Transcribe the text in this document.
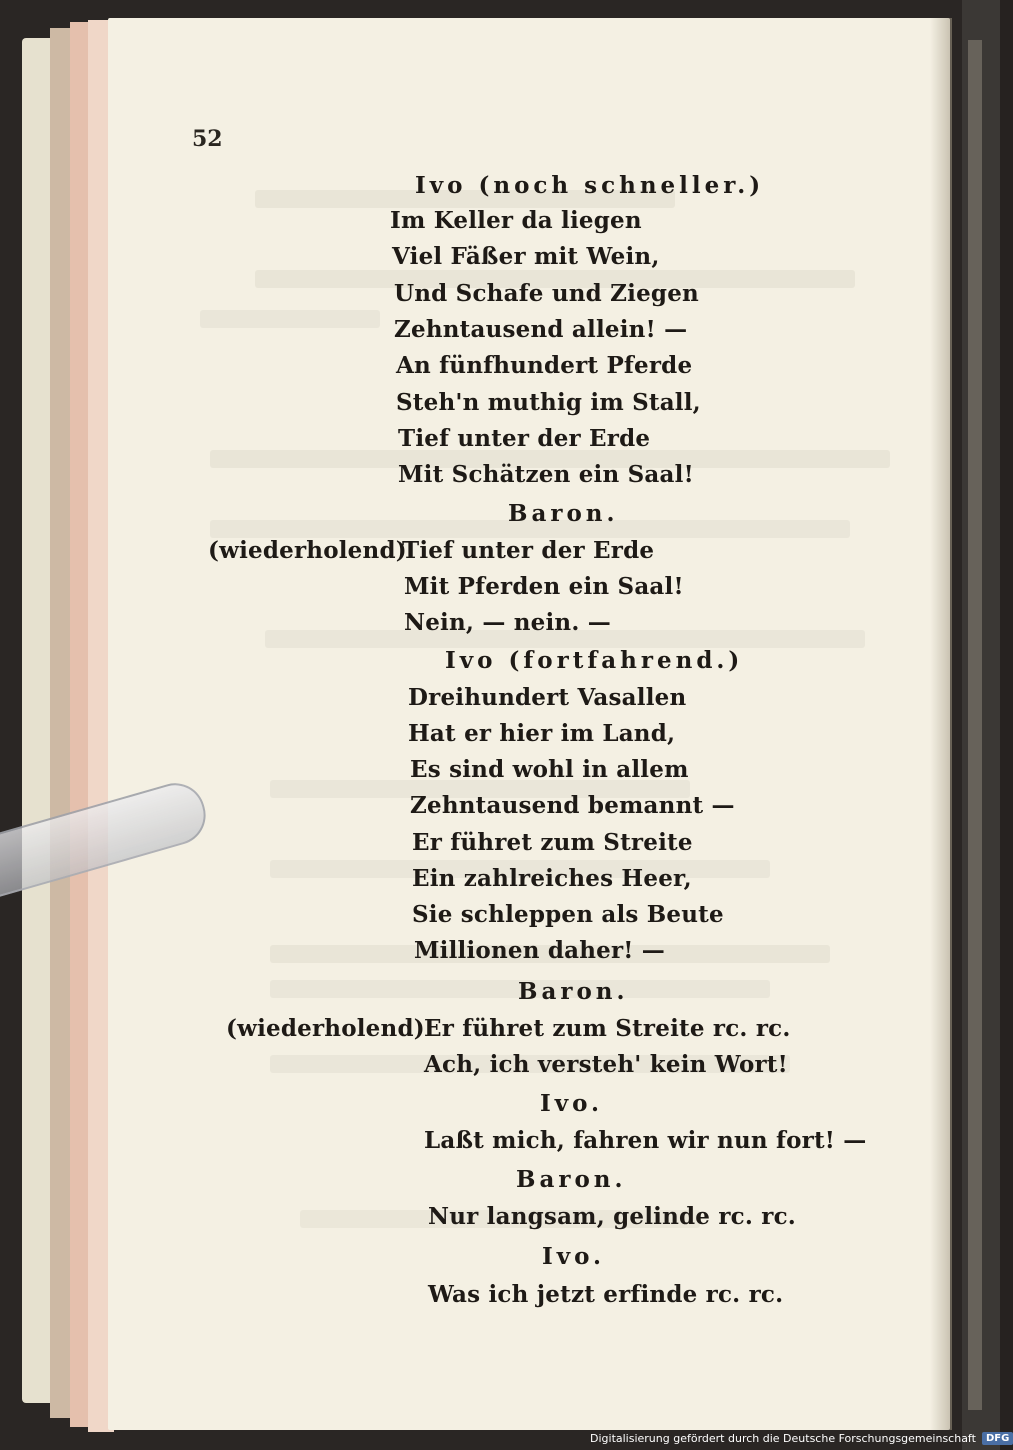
52
Ivo (noch schneller.)
Im Keller da liegen
Viel Fäßer mit Wein,
Und Schafe und Ziegen
Zehntausend allein! —
An fünfhundert Pferde
Steh'n muthig im Stall,
Tief unter der Erde
Mit Schätzen ein Saal!
Baron.
(wiederholend)
Tief unter der Erde
Mit Pferden ein Saal!
Nein, — nein. —
Ivo (fortfahrend.)
Dreihundert Vasallen
Hat er hier im Land,
Es sind wohl in allem
Zehntausend bemannt —
Er führet zum Streite
Ein zahlreiches Heer,
Sie schleppen als Beute
Millionen daher! —
Baron.
(wiederholend) Er führet zum Streite rc. rc.
Ach, ich versteh' kein Wort!
Ivo.
Laßt mich, fahren wir nun fort! —
Baron.
Nur langsam, gelinde rc. rc.
Ivo.
Was ich jetzt erfinde rc. rc.
Digitalisierung gefördert durch die Deutsche Forschungsgemeinschaft	DFG
